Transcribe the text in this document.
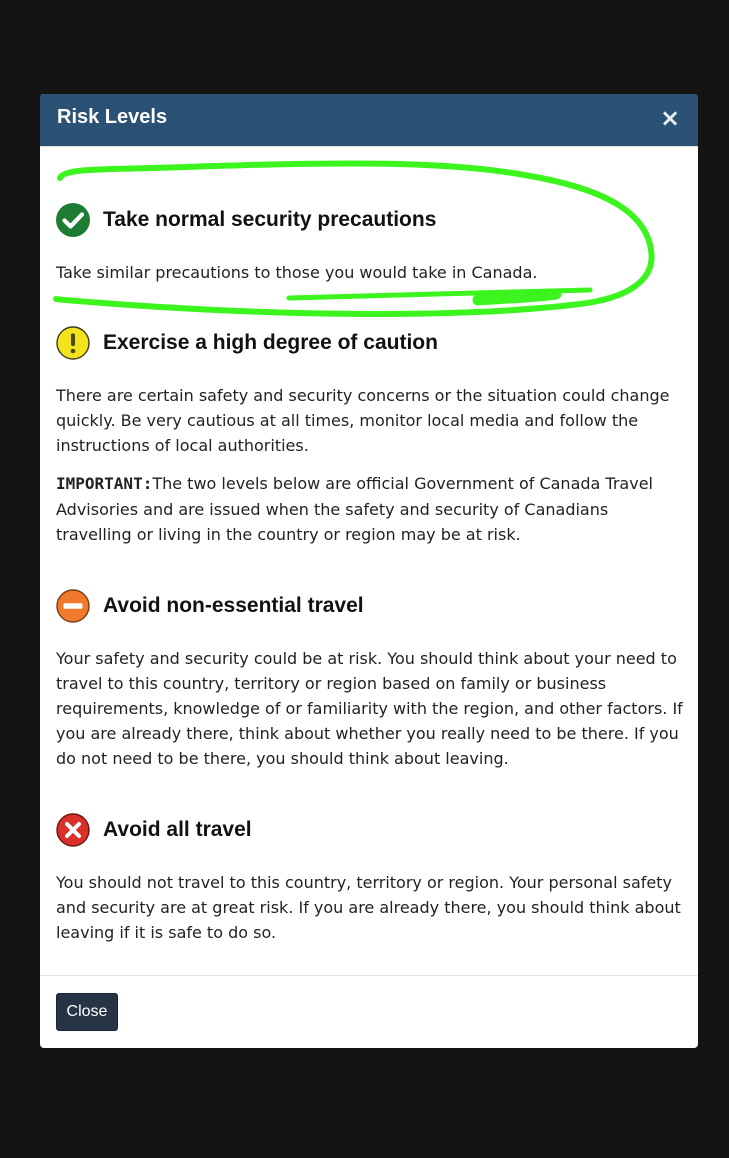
Risk Levels	×
Take normal security precautions

Take similar precautions to those you would take in Canada.

Exercise a high degree of caution

There are certain safety and security concerns or the situation could change quickly. Be very cautious at all times, monitor local media and follow the instructions of local authorities.

IMPORTANT:The two levels below are official Government of Canada Travel Advisories and are issued when the safety and security of Canadians travelling or living in the country or region may be at risk.

Avoid non-essential travel

Your safety and security could be at risk. You should think about your need to travel to this country, territory or region based on family or business requirements, knowledge of or familiarity with the region, and other factors. If you are already there, think about whether you really need to be there. If you do not need to be there, you should think about leaving.

Avoid all travel

You should not travel to this country, territory or region. Your personal safety and security are at great risk. If you are already there, you should think about leaving if it is safe to do so.

Close
